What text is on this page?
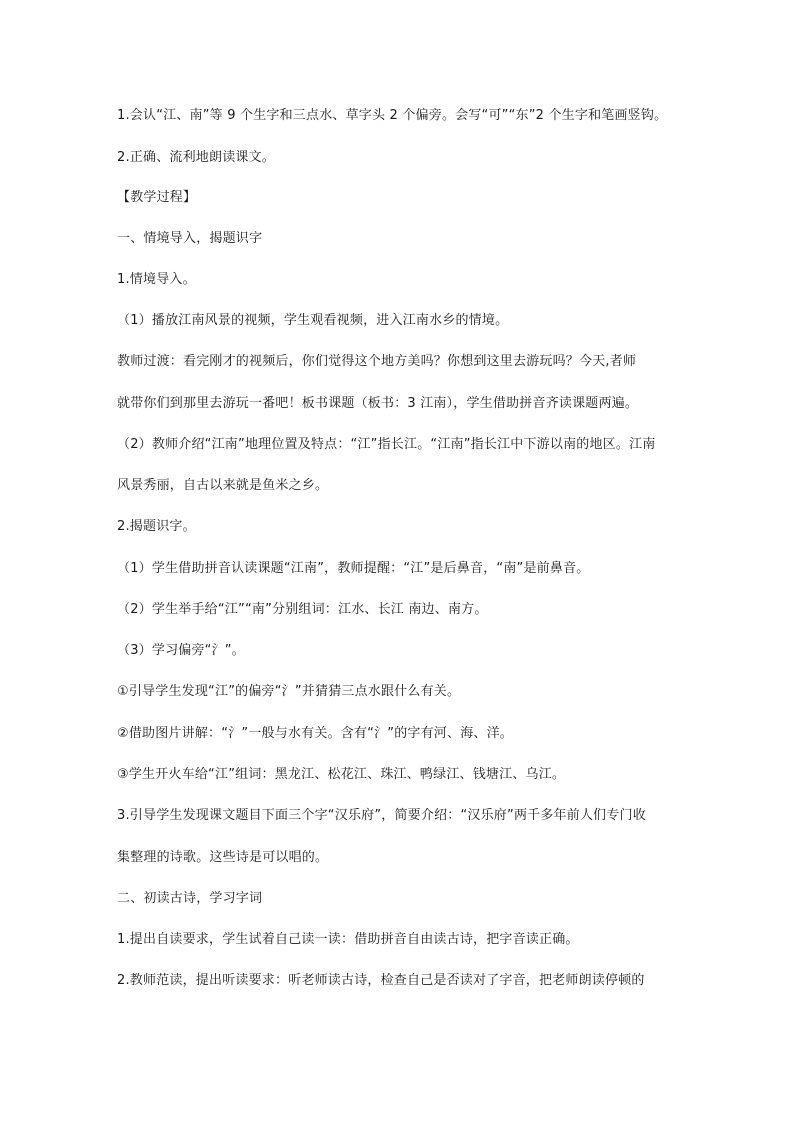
1.会认“江、南”等 9 个生字和三点水、草字头 2 个偏旁。会写“可”“东”2 个生字和笔画竖钩。
2.正确、流利地朗读课文。
【教学过程】
一、情境导入，揭题识字
1.情境导入。
（1）播放江南风景的视频，学生观看视频，进入江南水乡的情境。
教师过渡：看完刚才的视频后，你们觉得这个地方美吗？你想到这里去游玩吗？今天,者师
就带你们到那里去游玩一番吧！板书课题（板书：3 江南），学生借助拼音齐读课题两遍。
（2）教师介绍“江南”地理位置及特点：“江”指长江。“江南”指长江中下游以南的地区。江南
风景秀丽，自古以来就是鱼米之乡。
2.揭题识字。
（1）学生借助拼音认读课题“江南”，教师提醒：“江”是后鼻音，“南”是前鼻音。
（2）学生举手给“江”“南”分别组词：江水、长江 南边、南方。
（3）学习偏旁“氵”。
①引导学生发现“江”的偏旁“氵”并猜猜三点水跟什么有关。
②借助图片讲解：“氵”一般与水有关。含有“氵”的字有河、海、洋。
③学生开火车给“江”组词：黑龙江、松花江、珠江、鸭绿江、钱塘江、乌江。
3.引导学生发现课文题目下面三个字“汉乐府”，简要介绍：“汉乐府”两千多年前人们专门收
集整理的诗歌。这些诗是可以唱的。
二、初读古诗，学习字词
1.提出自读要求，学生试着自己读一读：借助拼音自由读古诗，把字音读正确。
2.教师范读，提出听读要求：听老师读古诗，检查自己是否读对了字音，把老师朗读停顿的
